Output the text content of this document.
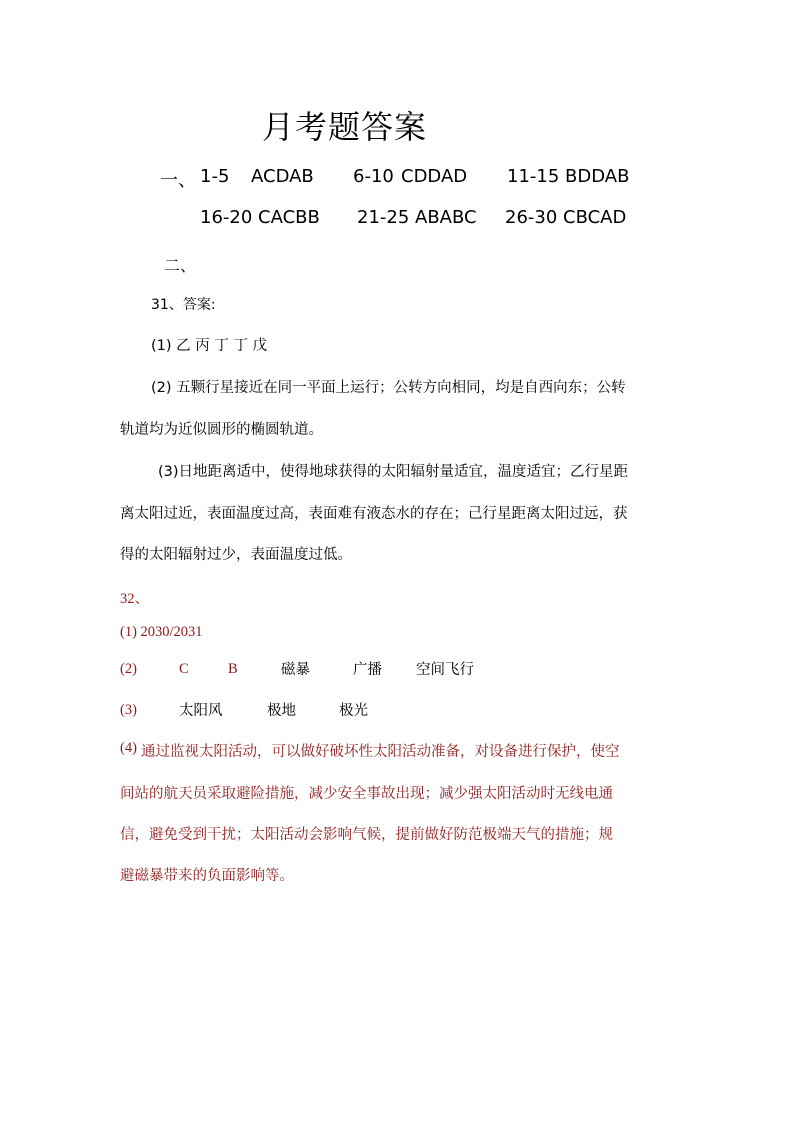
月考题答案
一、 1-5 ACDAB 6-10 CDDAD 11-15 BDDAB
16-20 CACBB 21-25 ABABC 26-30 CBCAD
二、
31、答案:
(1) 乙 丙 丁 丁 戊
(2) 五颗行星接近在同一平面上运行；公转方向相同，均是自西向东；公转
轨道均为近似圆形的椭圆轨道。
(3)日地距离适中，使得地球获得的太阳辐射量适宜，温度适宜；乙行星距
离太阳过近，表面温度过高，表面难有液态水的存在；己行星距离太阳过远，获
得的太阳辐射过少，表面温度过低。
32、
(1) 2030/2031
(2)	C	B	磁暴	广播 空间飞行
(3)	太阳风	极地	极光
(4) 通过监视太阳活动，可以做好破坏性太阳活动准备，对设备进行保护，使空
间站的航天员采取避险措施，减少安全事故出现；减少强太阳活动时无线电通
信，避免受到干扰；太阳活动会影响气候，提前做好防范极端天气的措施；规
避磁暴带来的负面影响等。
